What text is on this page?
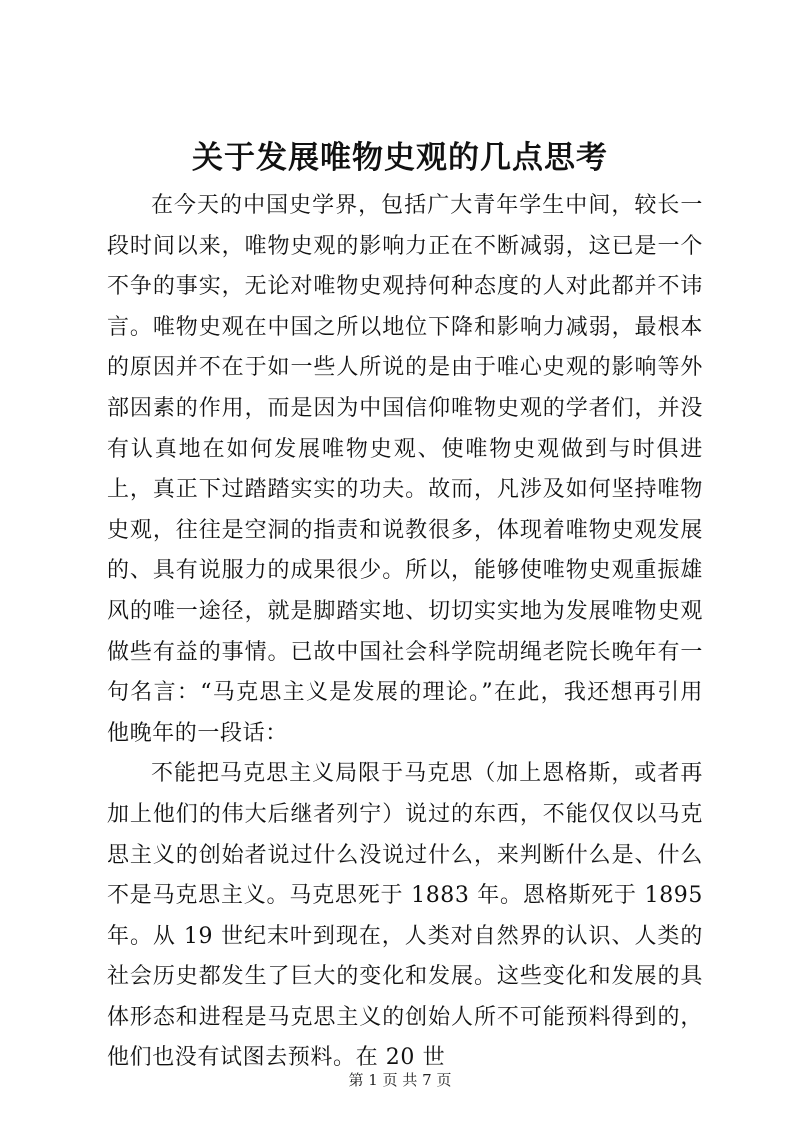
关于发展唯物史观的几点思考

在今天的中国史学界，包括广大青年学生中间，较长一段时间以来，唯物史观的影响力正在不断减弱，这已是一个不争的事实，无论对唯物史观持何种态度的人对此都并不讳言。唯物史观在中国之所以地位下降和影响力减弱，最根本的原因并不在于如一些人所说的是由于唯心史观的影响等外部因素的作用，而是因为中国信仰唯物史观的学者们，并没有认真地在如何发展唯物史观、使唯物史观做到与时俱进上，真正下过踏踏实实的功夫。故而，凡涉及如何坚持唯物史观，往往是空洞的指责和说教很多，体现着唯物史观发展的、具有说服力的成果很少。所以，能够使唯物史观重振雄风的唯一途径，就是脚踏实地、切切实实地为发展唯物史观做些有益的事情。已故中国社会科学院胡绳老院长晚年有一句名言：“马克思主义是发展的理论。”在此，我还想再引用他晚年的一段话：

不能把马克思主义局限于马克思（加上恩格斯，或者再加上他们的伟大后继者列宁）说过的东西，不能仅仅以马克思主义的创始者说过什么没说过什么，来判断什么是、什么不是马克思主义。马克思死于 1883 年。恩格斯死于 1895 年。从 19 世纪末叶到现在，人类对自然界的认识、人类的社会历史都发生了巨大的变化和发展。这些变化和发展的具体形态和进程是马克思主义的创始人所不可能预料得到的，他们也没有试图去预料。在 20 世

第 1 页 共 7 页
